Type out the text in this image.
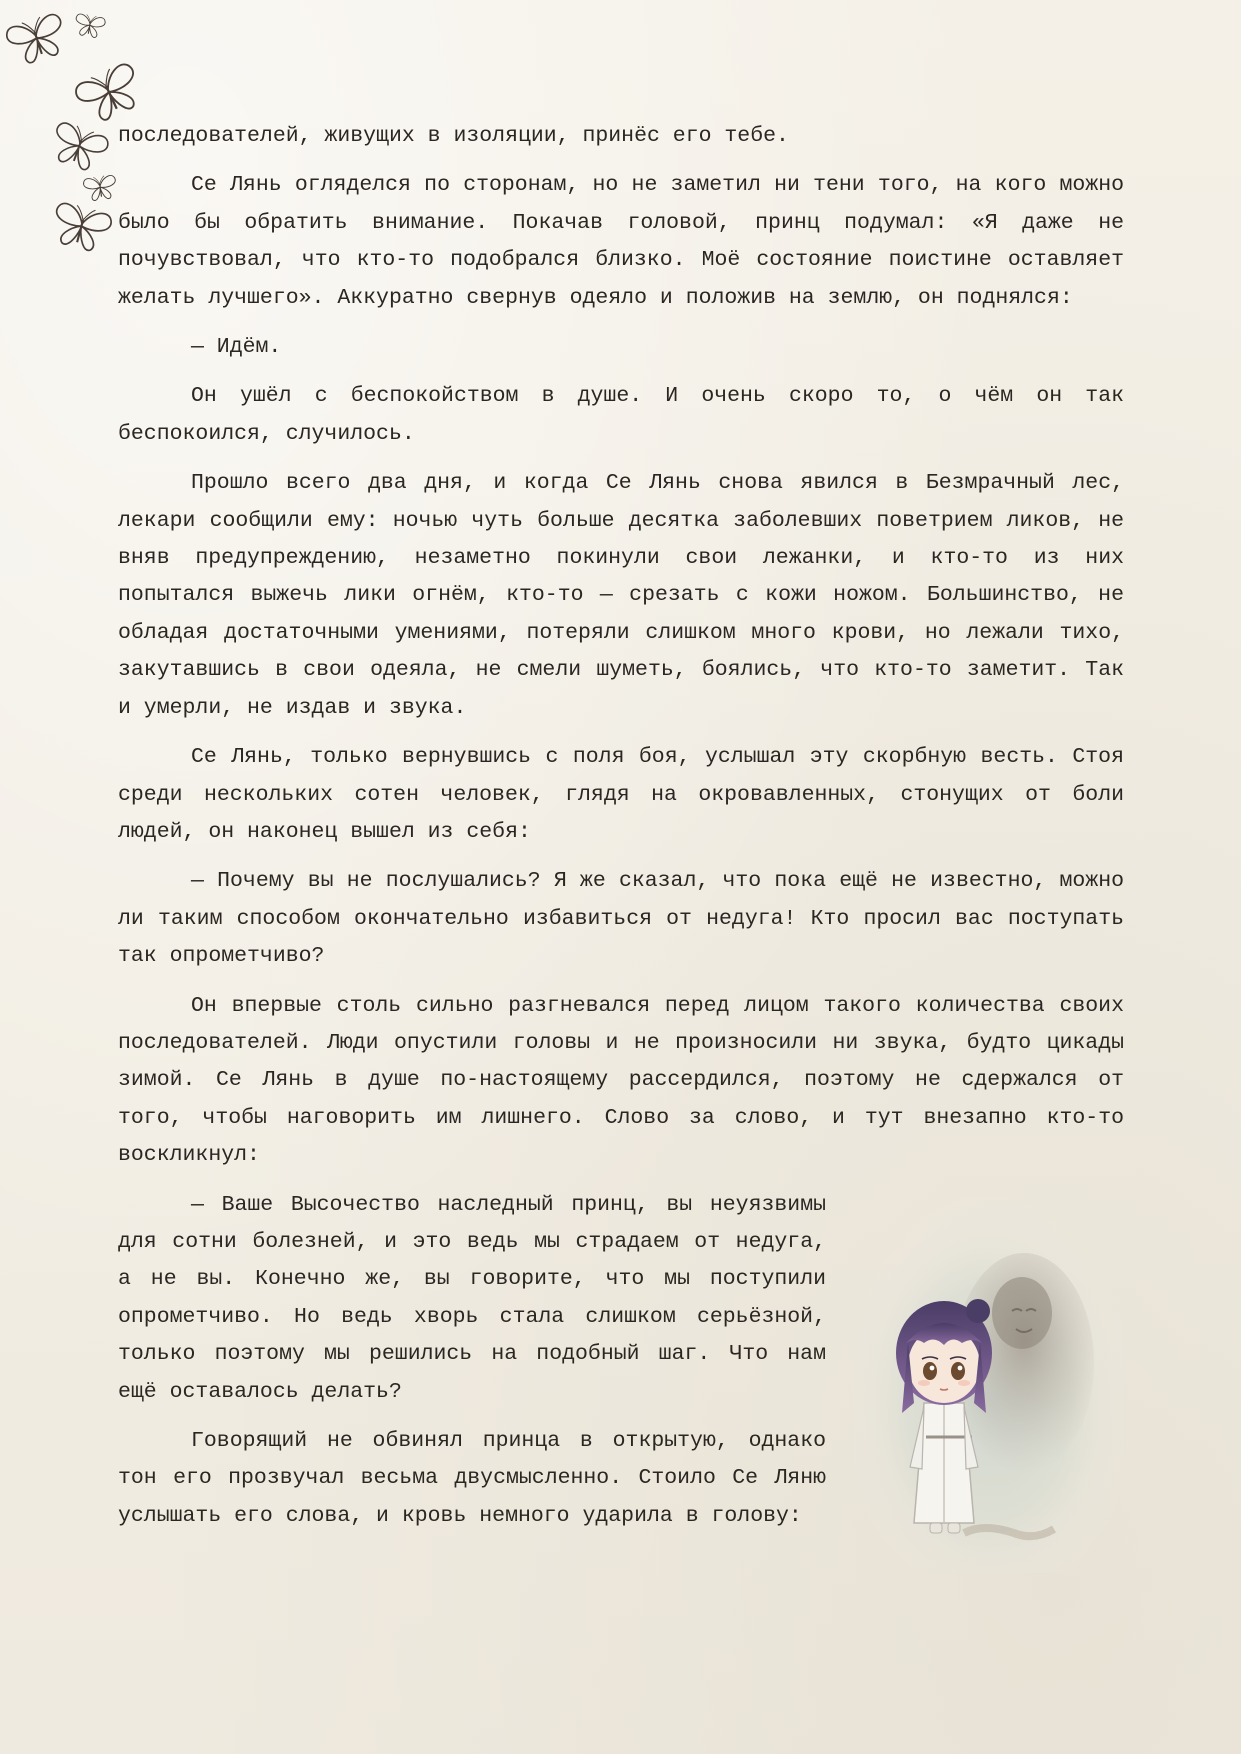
последователей, живущих в изоляции, принёс его тебе.

Се Лянь огляделся по сторонам, но не заметил ни тени того, на кого можно было бы обратить внимание. Покачав головой, принц подумал: «Я даже не почувствовал, что кто-то подобрался близко. Моё состояние поистине оставляет желать лучшего». Аккуратно свернув одеяло и положив на землю, он поднялся:

— Идём.

Он ушёл с беспокойством в душе. И очень скоро то, о чём он так беспокоился, случилось.

Прошло всего два дня, и когда Се Лянь снова явился в Безмрачный лес, лекари сообщили ему: ночью чуть больше десятка заболевших поветрием ликов, не вняв предупреждению, незаметно покинули свои лежанки, и кто-то из них попытался выжечь лики огнём, кто-то — срезать с кожи ножом. Большинство, не обладая достаточными умениями, потеряли слишком много крови, но лежали тихо, закутавшись в свои одеяла, не смели шуметь, боялись, что кто-то заметит. Так и умерли, не издав и звука.

Се Лянь, только вернувшись с поля боя, услышал эту скорбную весть. Стоя среди нескольких сотен человек, глядя на окровавленных, стонущих от боли людей, он наконец вышел из себя:

— Почему вы не послушались? Я же сказал, что пока ещё не известно, можно ли таким способом окончательно избавиться от недуга! Кто просил вас поступать так опрометчиво?

Он впервые столь сильно разгневался перед лицом такого количества своих последователей. Люди опустили головы и не произносили ни звука, будто цикады зимой. Се Лянь в душе по-настоящему рассердился, поэтому не сдержался от того, чтобы наговорить им лишнего. Слово за слово, и тут внезапно кто-то воскликнул:

— Ваше Высочество наследный принц, вы неуязвимы для сотни болезней, и это ведь мы страдаем от недуга, а не вы. Конечно же, вы говорите, что мы поступили опрометчиво. Но ведь хворь стала слишком серьёзной, только поэтому мы решились на подобный шаг. Что нам ещё оставалось делать?

Говорящий не обвинял принца в открытую, однако тон его прозвучал весьма двусмысленно. Стоило Се Ляню услышать его слова, и кровь немного ударила в голову:
